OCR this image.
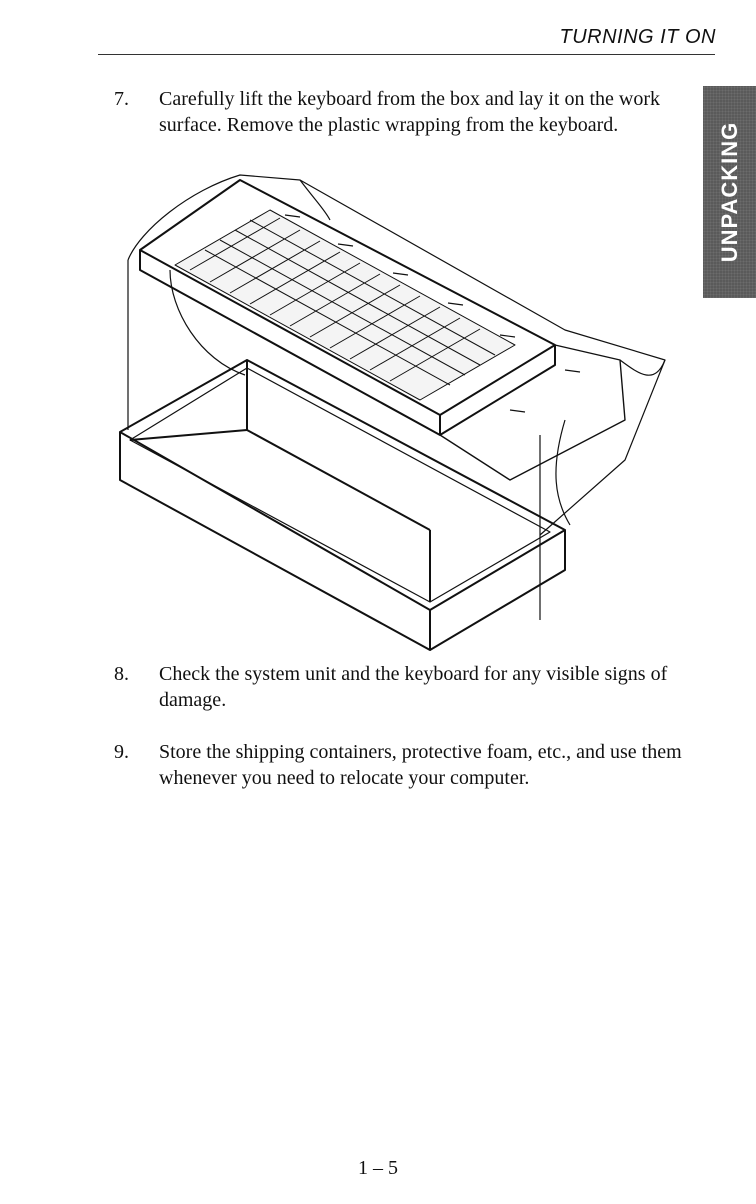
TURNING IT ON
UNPACKING
7. Carefully lift the keyboard from the box and lay it on the work surface. Remove the plastic wrapping from the keyboard.
8. Check the system unit and the keyboard for any visible signs of damage.
9. Store the shipping containers, protective foam, etc., and use them whenever you need to relocate your computer.
1 – 5
